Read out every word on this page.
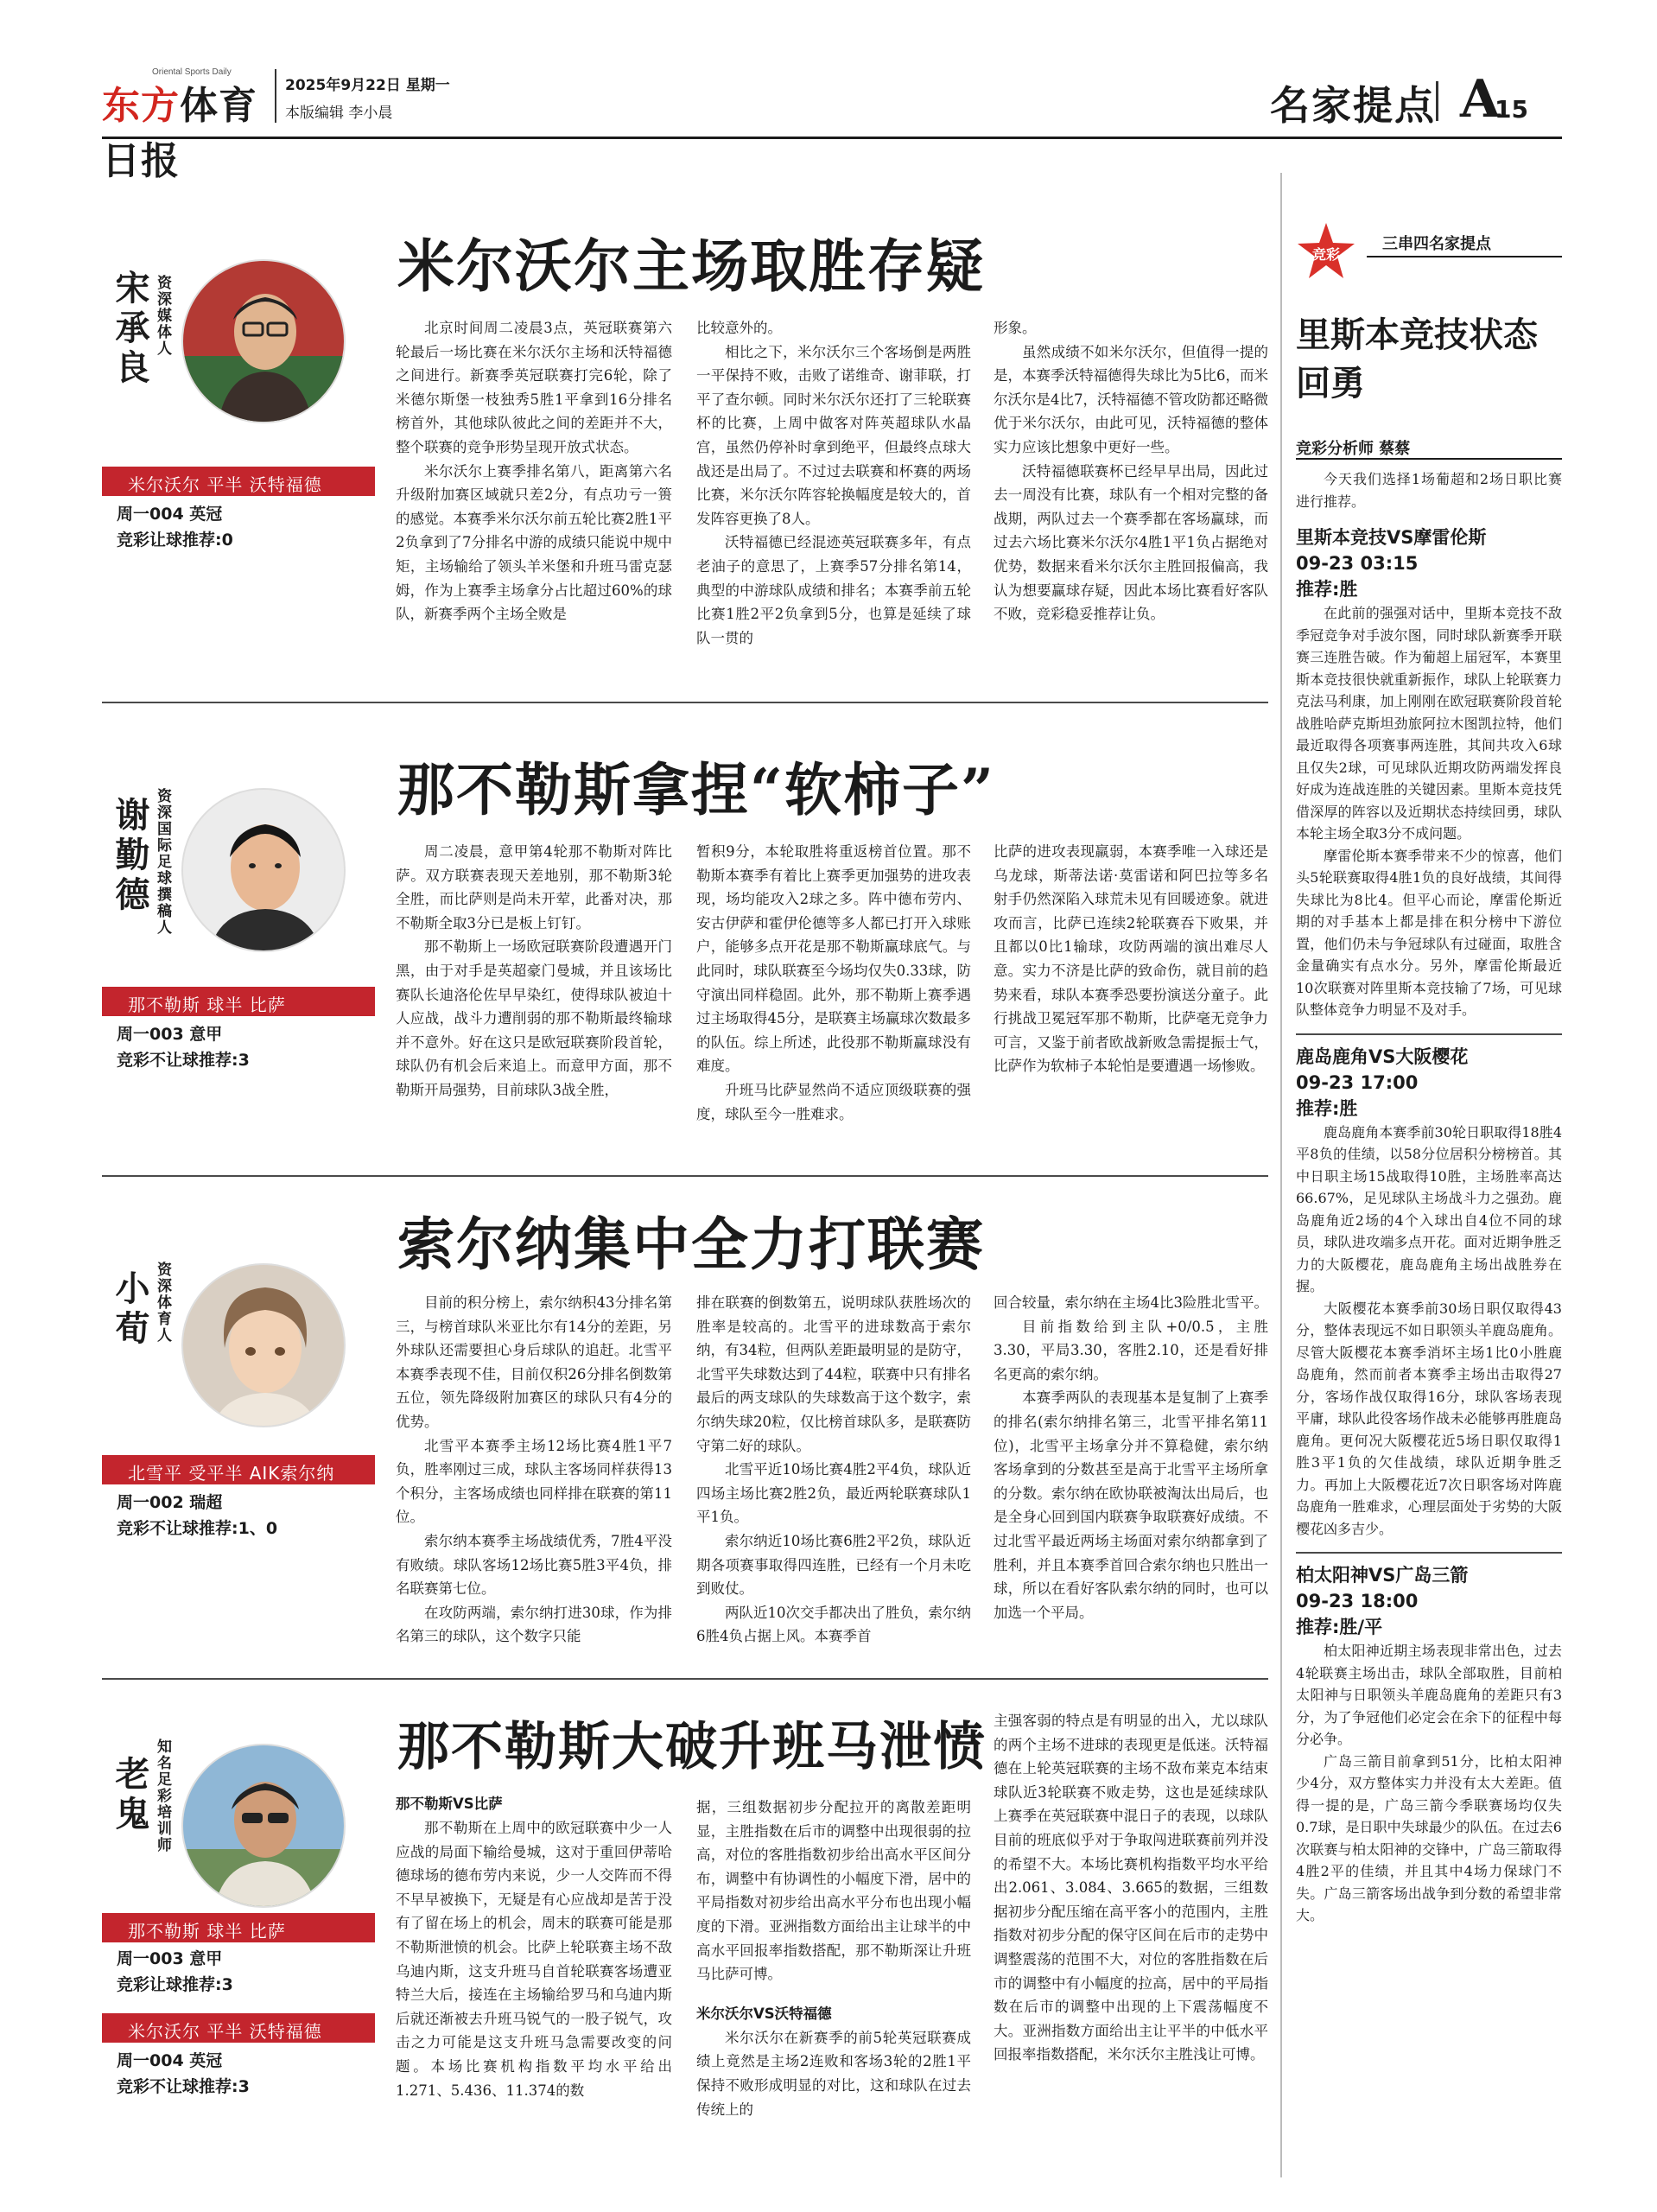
Oriental Sports Daily
东方体育日报
2025年9月22日 星期一
本版编辑 李小晨	名家提点 A
15
宋承良 资深媒体人
米尔沃尔 平半 沃特福德
周一004 英冠
竞彩让球推荐:0
米尔沃尔主场取胜存疑

北京时间周二凌晨3点，英冠联赛第六轮最后一场比赛在米尔沃尔主场和沃特福德之间进行。新赛季英冠联赛打完6轮，除了米德尔斯堡一枝独秀5胜1平拿到16分排名榜首外，其他球队彼此之间的差距并不大，整个联赛的竞争形势呈现开放式状态。

米尔沃尔上赛季排名第八，距离第六名升级附加赛区域就只差2分，有点功亏一篑的感觉。本赛季米尔沃尔前五轮比赛2胜1平2负拿到了7分排名中游的成绩只能说中规中矩，主场输给了领头羊米堡和升班马雷克瑟姆，作为上赛季主场拿分占比超过60%的球队，新赛季两个主场全败是

比较意外的。

相比之下，米尔沃尔三个客场倒是两胜一平保持不败，击败了诺维奇、谢菲联，打平了查尔顿。同时米尔沃尔还打了三轮联赛杯的比赛，上周中做客对阵英超球队水晶宫，虽然仍停补时拿到绝平，但最终点球大战还是出局了。不过过去联赛和杯赛的两场比赛，米尔沃尔阵容轮换幅度是较大的，首发阵容更换了8人。

沃特福德已经混迹英冠联赛多年，有点老油子的意思了，上赛季57分排名第14，典型的中游球队成绩和排名；本赛季前五轮比赛1胜2平2负拿到5分，也算是延续了球队一贯的

形象。

虽然成绩不如米尔沃尔，但值得一提的是，本赛季沃特福德得失球比为5比6，而米尔沃尔是4比7，沃特福德不管攻防都还略微优于米尔沃尔，由此可见，沃特福德的整体实力应该比想象中更好一些。

沃特福德联赛杯已经早早出局，因此过去一周没有比赛，球队有一个相对完整的备战期，两队过去一个赛季都在客场赢球，而过去六场比赛米尔沃尔4胜1平1负占据绝对优势，数据来看米尔沃尔主胜回报偏高，我认为想要赢球存疑，因此本场比赛看好客队不败，竞彩稳妥推荐让负。

谢勤德 资深国际足球撰稿人
那不勒斯 球半 比萨
周一003 意甲
竞彩不让球推荐:3
那不勒斯拿捏“软柿子”

周二凌晨，意甲第4轮那不勒斯对阵比萨。双方联赛表现天差地别，那不勒斯3轮全胜，而比萨则是尚未开荤，此番对决，那不勒斯全取3分已是板上钉钉。

那不勒斯上一场欧冠联赛阶段遭遇开门黑，由于对手是英超豪门曼城，并且该场比赛队长迪洛伦佐早早染红，使得球队被迫十人应战，战斗力遭削弱的那不勒斯最终输球并不意外。好在这只是欧冠联赛阶段首轮，球队仍有机会后来追上。而意甲方面，那不勒斯开局强势，目前球队3战全胜，

暂积9分，本轮取胜将重返榜首位置。那不勒斯本赛季有着比上赛季更加强势的进攻表现，场均能攻入2球之多。阵中德布劳内、安古伊萨和霍伊伦德等多人都已打开入球账户，能够多点开花是那不勒斯赢球底气。与此同时，球队联赛至今场均仅失0.33球，防守演出同样稳固。此外，那不勒斯上赛季遇过主场取得45分，是联赛主场赢球次数最多的队伍。综上所述，此役那不勒斯赢球没有难度。

升班马比萨显然尚不适应顶级联赛的强度，球队至今一胜难求。

比萨的进攻表现羸弱，本赛季唯一入球还是乌龙球，斯蒂法诺·莫雷诺和阿巴拉等多名射手仍然深陷入球荒未见有回暖迹象。就进攻而言，比萨已连续2轮联赛吞下败果，并且都以0比1输球，攻防两端的演出难尽人意。实力不济是比萨的致命伤，就目前的趋势来看，球队本赛季恐要扮演送分童子。此行挑战卫冕冠军那不勒斯，比萨毫无竞争力可言，又鉴于前者欧战新败急需提振士气，比萨作为软柿子本轮怕是要遭遇一场惨败。

小荀 资深体育人
北雪平 受平半 AIK索尔纳
周一002 瑞超
竞彩不让球推荐:1、0
索尔纳集中全力打联赛

目前的积分榜上，索尔纳积43分排名第三，与榜首球队米亚比尔有14分的差距，另外球队还需要担心身后球队的追赶。北雪平本赛季表现不佳，目前仅积26分排名倒数第五位，领先降级附加赛区的球队只有4分的优势。

北雪平本赛季主场12场比赛4胜1平7负，胜率刚过三成，球队主客场同样获得13个积分，主客场成绩也同样排在联赛的第11位。

索尔纳本赛季主场战绩优秀，7胜4平没有败绩。球队客场12场比赛5胜3平4负，排名联赛第七位。

在攻防两端，索尔纳打进30球，作为排名第三的球队，这个数字只能

排在联赛的倒数第五，说明球队获胜场次的胜率是较高的。北雪平的进球数高于索尔纳，有34粒，但两队差距最明显的是防守，北雪平失球数达到了44粒，联赛中只有排名最后的两支球队的失球数高于这个数字，索尔纳失球20粒，仅比榜首球队多，是联赛防守第二好的球队。

北雪平近10场比赛4胜2平4负，球队近四场主场比赛2胜2负，最近两轮联赛球队1平1负。

索尔纳近10场比赛6胜2平2负，球队近期各项赛事取得四连胜，已经有一个月未吃到败仗。

两队近10次交手都决出了胜负，索尔纳6胜4负占据上风。本赛季首

回合较量，索尔纳在主场4比3险胜北雪平。

目前指数给到主队+0/0.5，主胜3.30，平局3.30，客胜2.10，还是看好排名更高的索尔纳。

本赛季两队的表现基本是复制了上赛季的排名(索尔纳排名第三，北雪平排名第11位)，北雪平主场拿分并不算稳健，索尔纳客场拿到的分数甚至是高于北雪平主场所拿的分数。索尔纳在欧协联被淘汰出局后，也是全身心回到国内联赛争取联赛好成绩。不过北雪平最近两场主场面对索尔纳都拿到了胜利，并且本赛季首回合索尔纳也只胜出一球，所以在看好客队索尔纳的同时，也可以加选一个平局。

老鬼 知名足彩培训师
那不勒斯 球半 比萨
周一003 意甲
竞彩让球推荐:3
米尔沃尔 平半 沃特福德
周一004 英冠
竞彩不让球推荐:3
那不勒斯大破升班马泄愤
那不勒斯VS比萨

那不勒斯在上周中的欧冠联赛中少一人应战的局面下输给曼城，这对于重回伊蒂哈德球场的德布劳内来说，少一人交阵而不得不早早被换下，无疑是有心应战却是苦于没有了留在场上的机会，周末的联赛可能是那不勒斯泄愤的机会。比萨上轮联赛主场不敌乌迪内斯，这支升班马自首轮联赛客场遭亚特兰大后，接连在主场输给罗马和乌迪内斯后就还渐被去升班马锐气的一股子锐气，攻击之力可能是这支升班马急需要改变的问题。本场比赛机构指数平均水平给出1.271、5.436、11.374的数

据，三组数据初步分配拉开的离散差距明显，主胜指数在后市的调整中出现很弱的拉高，对位的客胜指数初步给出高水平区间分布，调整中有协调性的小幅度下滑，居中的平局指数对初步给出高水平分布也出现小幅度的下滑。亚洲指数方面给出主让球半的中高水平回报率指数搭配，那不勒斯深让升班马比萨可博。

米尔沃尔VS沃特福德

米尔沃尔在新赛季的前5轮英冠联赛成绩上竟然是主场2连败和客场3轮的2胜1平保持不败形成明显的对比，这和球队在过去传统上的

主强客弱的特点是有明显的出入，尤以球队的两个主场不进球的表现更是低迷。沃特福德在上轮英冠联赛的主场不敌布莱克本结束球队近3轮联赛不败走势，这也是延续球队上赛季在英冠联赛中混日子的表现，以球队目前的班底似乎对于争取闯进联赛前列并没的希望不大。本场比赛机构指数平均水平给出2.061、3.084、3.665的数据，三组数据初步分配压缩在高平客小的范围内，主胜指数对初步分配的保守区间在后市的走势中调整震荡的范围不大，对位的客胜指数在后市的调整中有小幅度的拉高，居中的平局指数在后市的调整中出现的上下震荡幅度不大。亚洲指数方面给出主让平半的中低水平回报率指数搭配，米尔沃尔主胜浅让可博。

竞彩
三串四名家提点
里斯本竞技状态回勇
竞彩分析师 蔡蔡

今天我们选择1场葡超和2场日职比赛进行推荐。

里斯本竞技VS摩雷伦斯
09-23 03:15
推荐:胜

在此前的强强对话中，里斯本竞技不敌季冠竞争对手波尔图，同时球队新赛季开联赛三连胜告破。作为葡超上届冠军，本赛里斯本竞技很快就重新振作，球队上轮联赛力克法马利康，加上刚刚在欧冠联赛阶段首轮战胜哈萨克斯坦劲旅阿拉木图凯拉特，他们最近取得各项赛事两连胜，其间共攻入6球且仅失2球，可见球队近期攻防两端发挥良好成为连战连胜的关键因素。里斯本竞技凭借深厚的阵容以及近期状态持续回勇，球队本轮主场全取3分不成问题。

摩雷伦斯本赛季带来不少的惊喜，他们头5轮联赛取得4胜1负的良好战绩，其间得失球比为8比4。但平心而论，摩雷伦斯近期的对手基本上都是排在积分榜中下游位置，他们仍未与争冠球队有过碰面，取胜含金量确实有点水分。另外，摩雷伦斯最近10次联赛对阵里斯本竞技输了7场，可见球队整体竞争力明显不及对手。

鹿岛鹿角VS大阪樱花
09-23 17:00
推荐:胜

鹿岛鹿角本赛季前30轮日职取得18胜4平8负的佳绩，以58分位居积分榜榜首。其中日职主场15战取得10胜，主场胜率高达66.67%，足见球队主场战斗力之强劲。鹿岛鹿角近2场的4个入球出自4位不同的球员，球队进攻端多点开花。面对近期争胜乏力的大阪樱花，鹿岛鹿角主场出战胜券在握。

大阪樱花本赛季前30场日职仅取得43分，整体表现远不如日职领头羊鹿岛鹿角。尽管大阪樱花本赛季消坏主场1比0小胜鹿岛鹿角，然而前者本赛季主场出击取得27分，客场作战仅取得16分，球队客场表现平庸，球队此役客场作战未必能够再胜鹿岛鹿角。更何况大阪樱花近5场日职仅取得1胜3平1负的欠佳战绩，球队近期争胜乏力。再加上大阪樱花近7次日职客场对阵鹿岛鹿角一胜难求，心理层面处于劣势的大阪樱花凶多吉少。

柏太阳神VS广岛三箭
09-23 18:00
推荐:胜/平

柏太阳神近期主场表现非常出色，过去4轮联赛主场出击，球队全部取胜，目前柏太阳神与日职领头羊鹿岛鹿角的差距只有3分，为了争冠他们必定会在余下的征程中每分必争。

广岛三箭目前拿到51分，比柏太阳神少4分，双方整体实力并没有太大差距。值得一提的是，广岛三箭今季联赛场均仅失0.7球，是日职中失球最少的队伍。在过去6次联赛与柏太阳神的交锋中，广岛三箭取得4胜2平的佳绩，并且其中4场力保球门不失。广岛三箭客场出战争到分数的希望非常大。
